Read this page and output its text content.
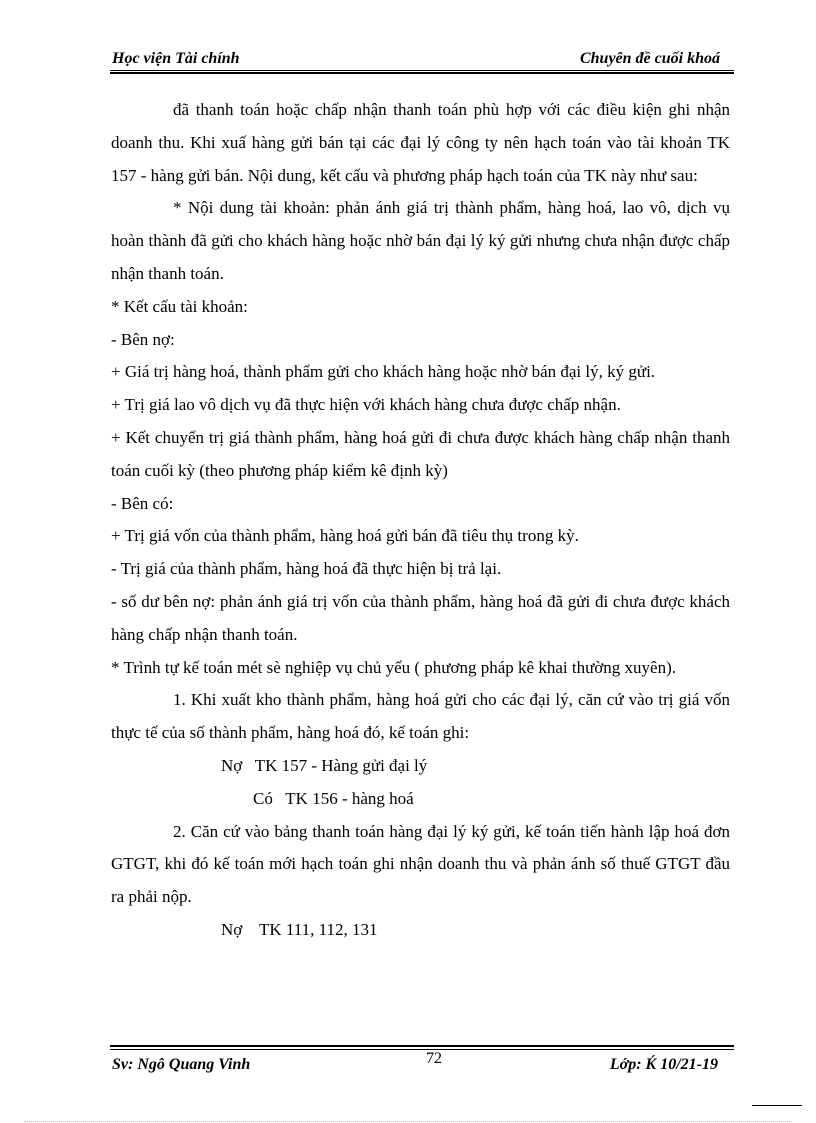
Học viện Tài chính	Chuyên đề cuối khoá

đã thanh toán hoặc chấp nhận thanh toán phù hợp với các điều kiện ghi nhận doanh thu. Khi xuấ hàng gửi bán tại các đại lý công ty nên hạch toán vào tài khoản TK 157 - hàng gửi bán. Nội dung, kết cấu và phương pháp hạch toán của TK này như sau:

* Nội dung tài khoản: phản ánh giá trị thành phẩm, hàng hoá, lao vô, dịch vụ hoàn thành đã gửi cho khách hàng hoặc nhờ bán đại lý ký gửi nhưng chưa nhận được chấp nhận thanh toán.

* Kết cấu tài khoản:

- Bên nợ:

+ Giá trị hàng hoá, thành phẩm gửi cho khách hàng hoặc nhờ bán đại lý, ký gửi.

+ Trị giá lao vô dịch vụ đã thực hiện với khách hàng chưa được chấp nhận.

+ Kết chuyển trị giá thành phẩm, hàng hoá gửi đi chưa được khách hàng chấp nhận thanh toán cuối kỳ (theo phương pháp kiểm kê định kỳ)

- Bên có:

+ Trị giá vốn của thành phẩm, hàng hoá gửi bán đã tiêu thụ trong kỳ.

- Trị giá của thành phẩm, hàng hoá đã thực hiện bị trả lại.

- số dư bên nợ: phản ánh giá trị vốn của thành phẩm, hàng hoá đã gửi đi chưa được khách hàng chấp nhận thanh toán.

* Trình tự kế toán mét sè nghiệp vụ chủ yếu ( phương pháp kê khai thường xuyên).

1. Khi xuất kho thành phẩm, hàng hoá gửi cho các đại lý, căn cứ vào trị giá vốn thực tế của số thành phẩm, hàng hoá đó, kế toán ghi:

Nợ   TK 157 - Hàng gửi đại lý

Có   TK 156 - hàng hoá

2. Căn cứ vào bảng thanh toán hàng đại lý ký gửi, kế toán tiến hành lập hoá đơn GTGT, khi đó kế toán mới hạch toán ghi nhận doanh thu và phản ánh số thuế GTGT đầu ra phải nộp.

Nợ    TK 111, 112, 131

Sv: Ngô Quang Vinh	72	Lớp: Ḱ 10/21-19
